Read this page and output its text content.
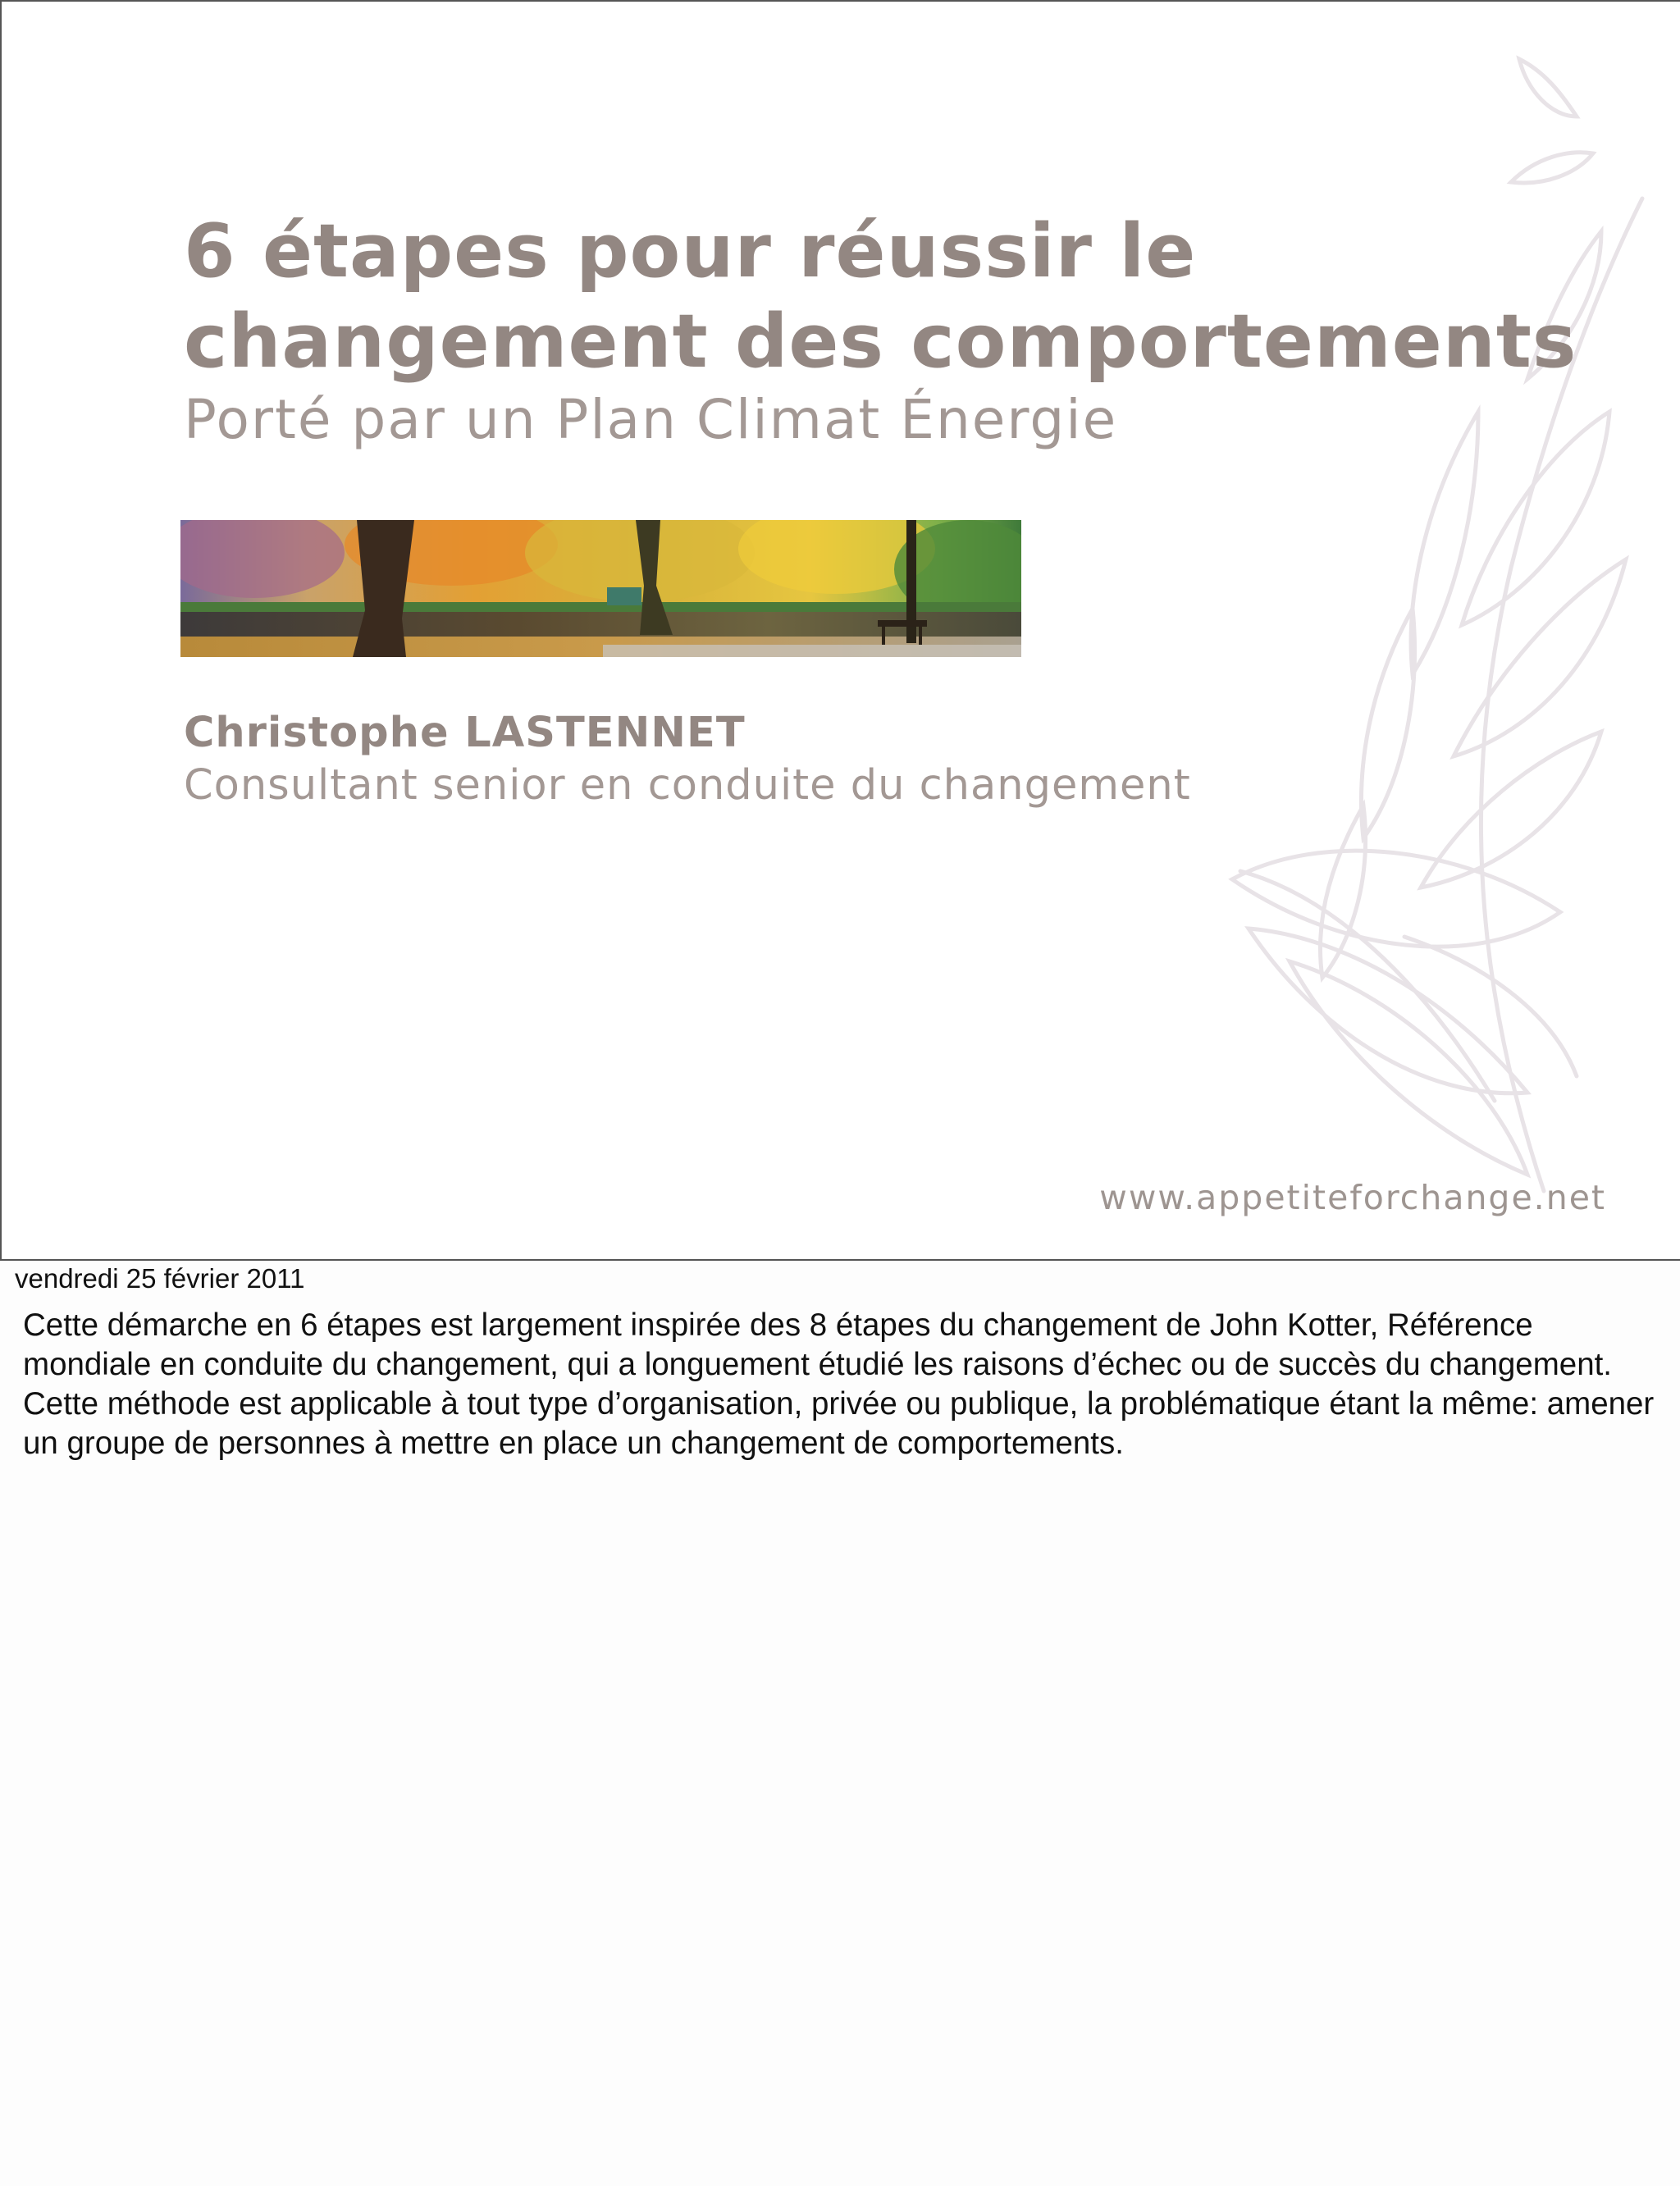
6 étapes pour réussir le changement des comportements
Porté par un Plan Climat Énergie
Christophe LASTENNET
Consultant senior en conduite du changement
www.appetiteforchange.net
vendredi 25 février 2011

Cette démarche en 6 étapes est largement inspirée des 8 étapes du changement de John Kotter, Référence mondiale en conduite du changement, qui a longuement étudié les raisons d’échec ou de succès du changement. Cette méthode est applicable à tout type d’organisation, privée ou publique, la problématique étant la même: amener un groupe de personnes à mettre en place un changement de comportements.
